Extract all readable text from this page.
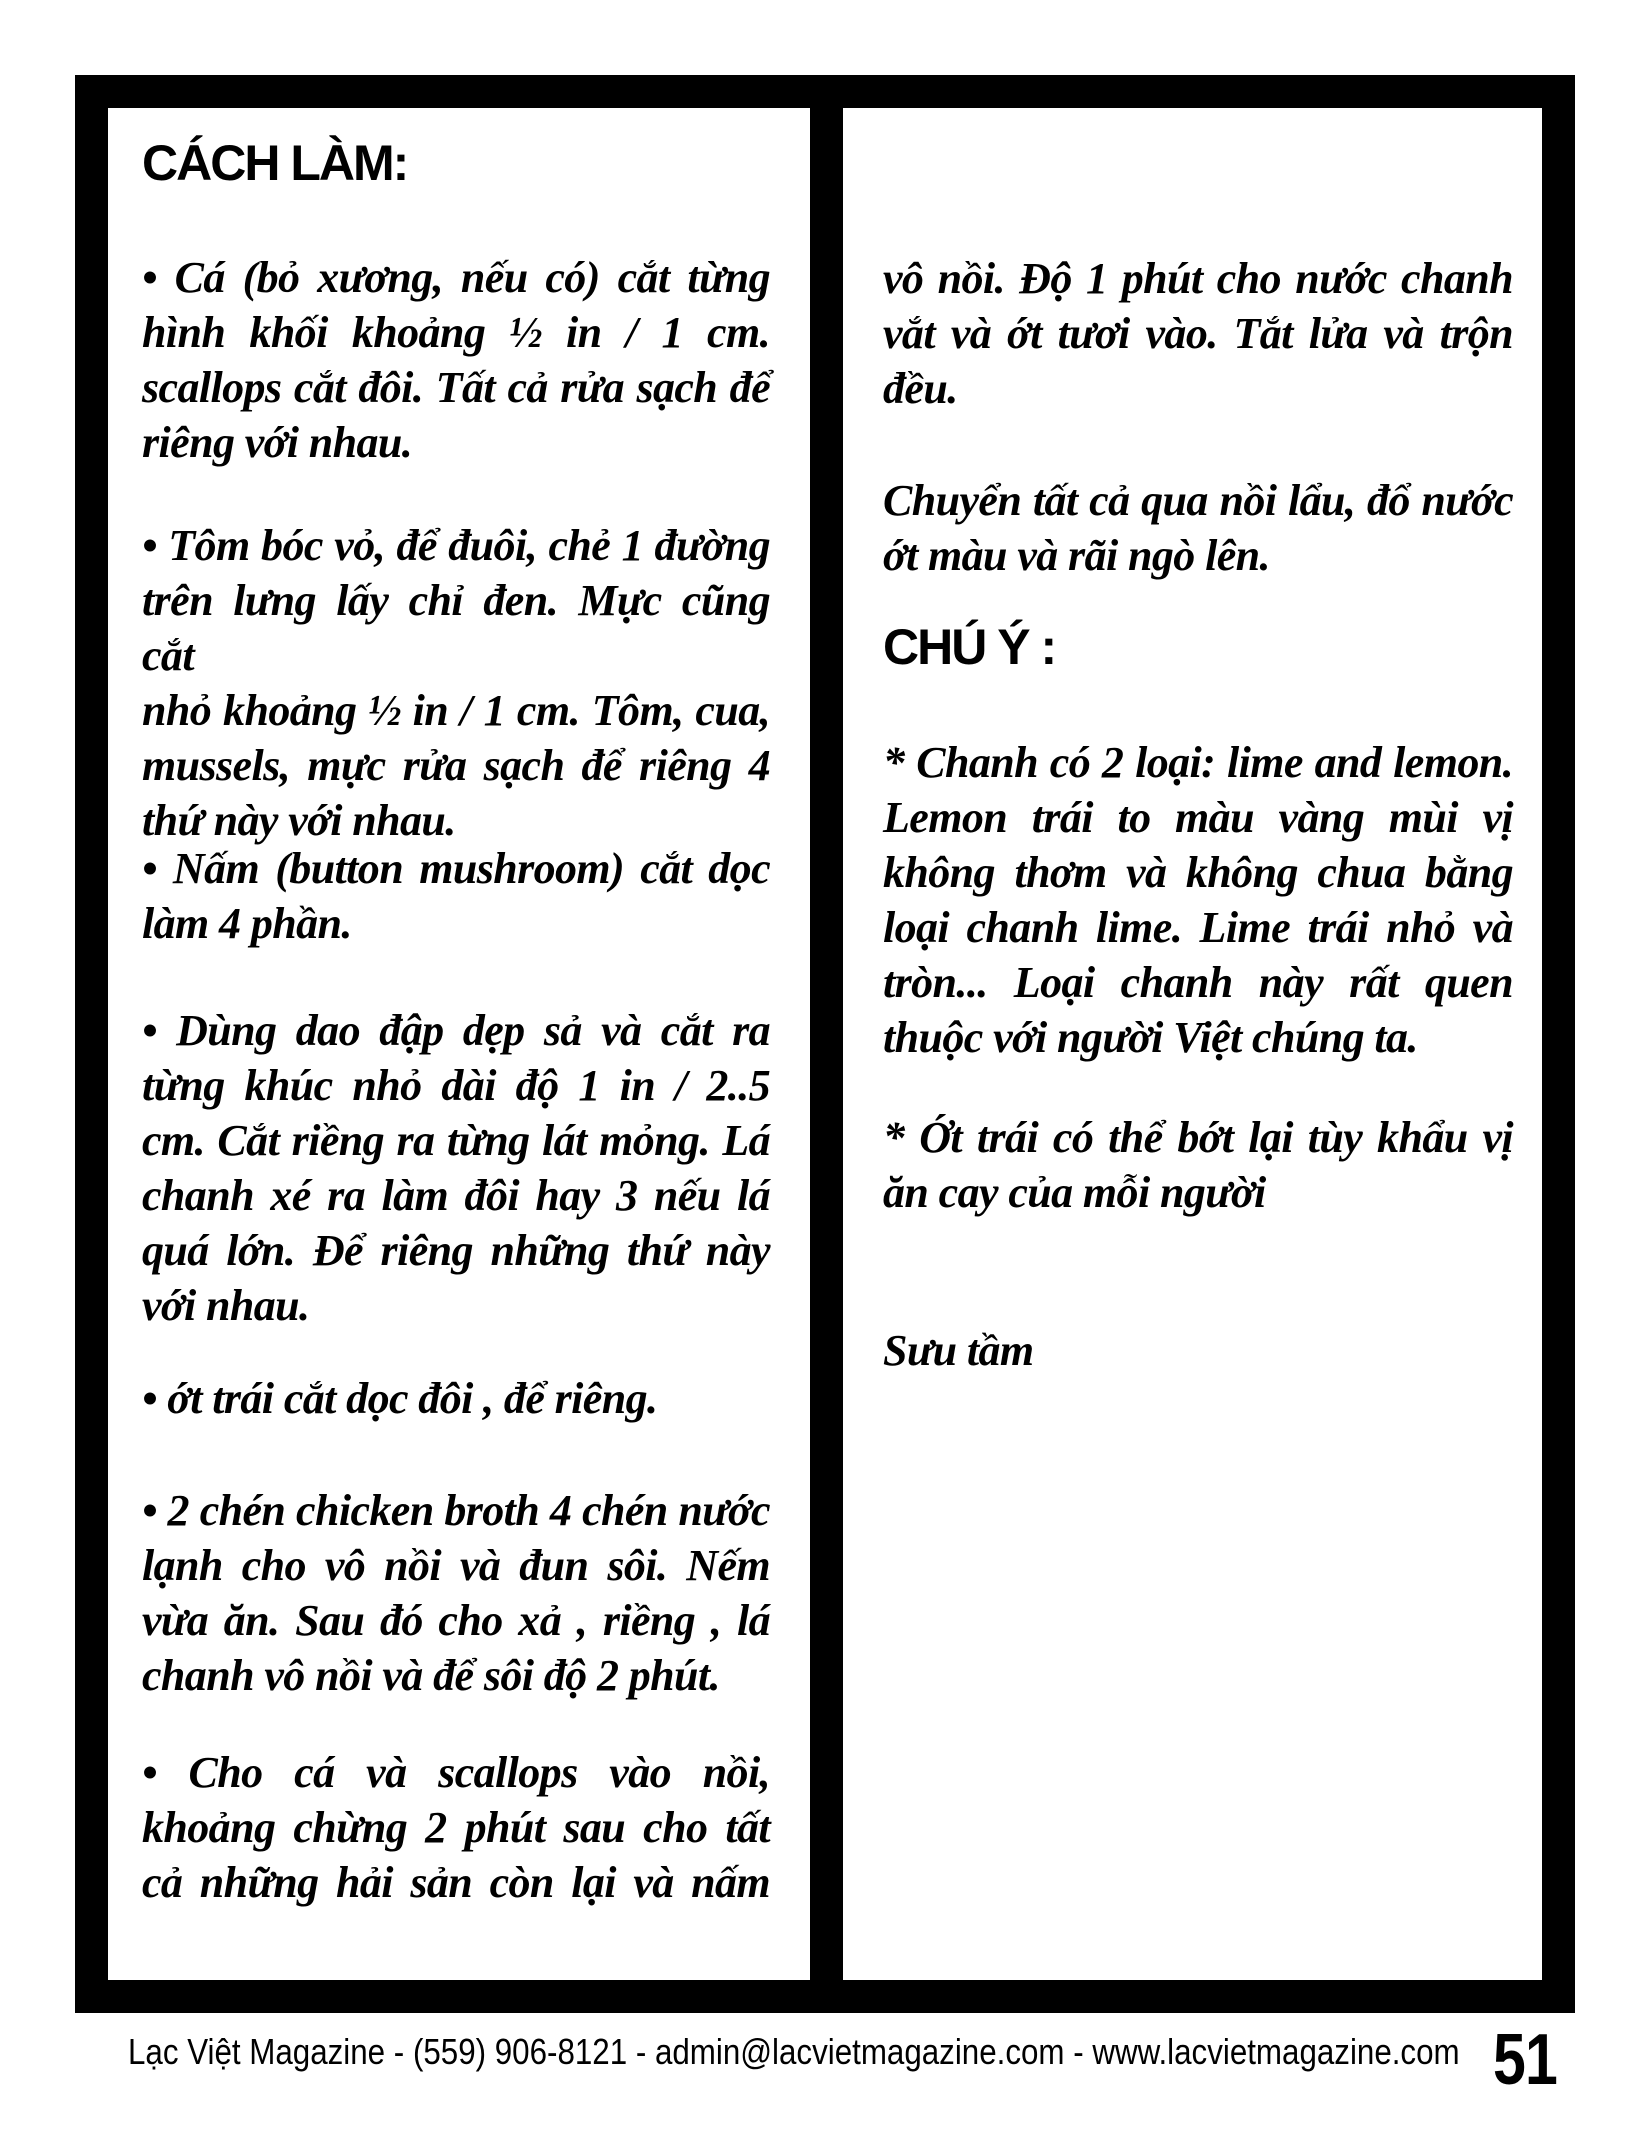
CÁCH LÀM:
• Cá (bỏ xương, nếu có) cắt từng
hình khối khoảng ½ in / 1 cm.
scallops cắt đôi. Tất cả rửa sạch để
riêng với nhau.
• Tôm bóc vỏ, để đuôi, chẻ 1 đường
trên lưng lấy chỉ đen. Mực cũng cắt
nhỏ khoảng ½ in / 1 cm. Tôm, cua,
mussels, mực rửa sạch để riêng 4
thứ này với nhau.
• Nấm (button mushroom) cắt dọc
làm 4 phần.
• Dùng dao đập dẹp sả và cắt ra
từng khúc nhỏ dài độ 1 in / 2..5
cm. Cắt riềng ra từng lát mỏng. Lá
chanh xé ra làm đôi hay 3 nếu lá
quá lớn. Để riêng những thứ này
với nhau.
• ớt trái cắt dọc đôi , để riêng.
• 2 chén chicken broth 4 chén nước
lạnh cho vô nồi và đun sôi. Nếm
vừa ăn. Sau đó cho xả , riềng , lá
chanh vô nồi và để sôi độ 2 phút.
• Cho cá và scallops vào nồi,
khoảng chừng 2 phút sau cho tất
cả những hải sản còn lại và nấm
vô nồi. Độ 1 phút cho nước chanh
vắt và ớt tươi vào. Tắt lửa và trộn
đều.
Chuyển tất cả qua nồi lẩu, đổ nước
ớt màu và rãi ngò lên.
CHÚ Ý :
* Chanh có 2 loại: lime and lemon.
Lemon trái to màu vàng mùi vị
không thơm và không chua bằng
loại chanh lime. Lime trái nhỏ và
tròn... Loại chanh này rất quen
thuộc với người Việt chúng ta.
* Ớt trái có thể bớt lại tùy khẩu vị
ăn cay của mỗi người
Sưu tầm
Lạc Việt Magazine - (559) 906-8121 - admin@lacvietmagazine.com - www.lacvietmagazine.com 51
